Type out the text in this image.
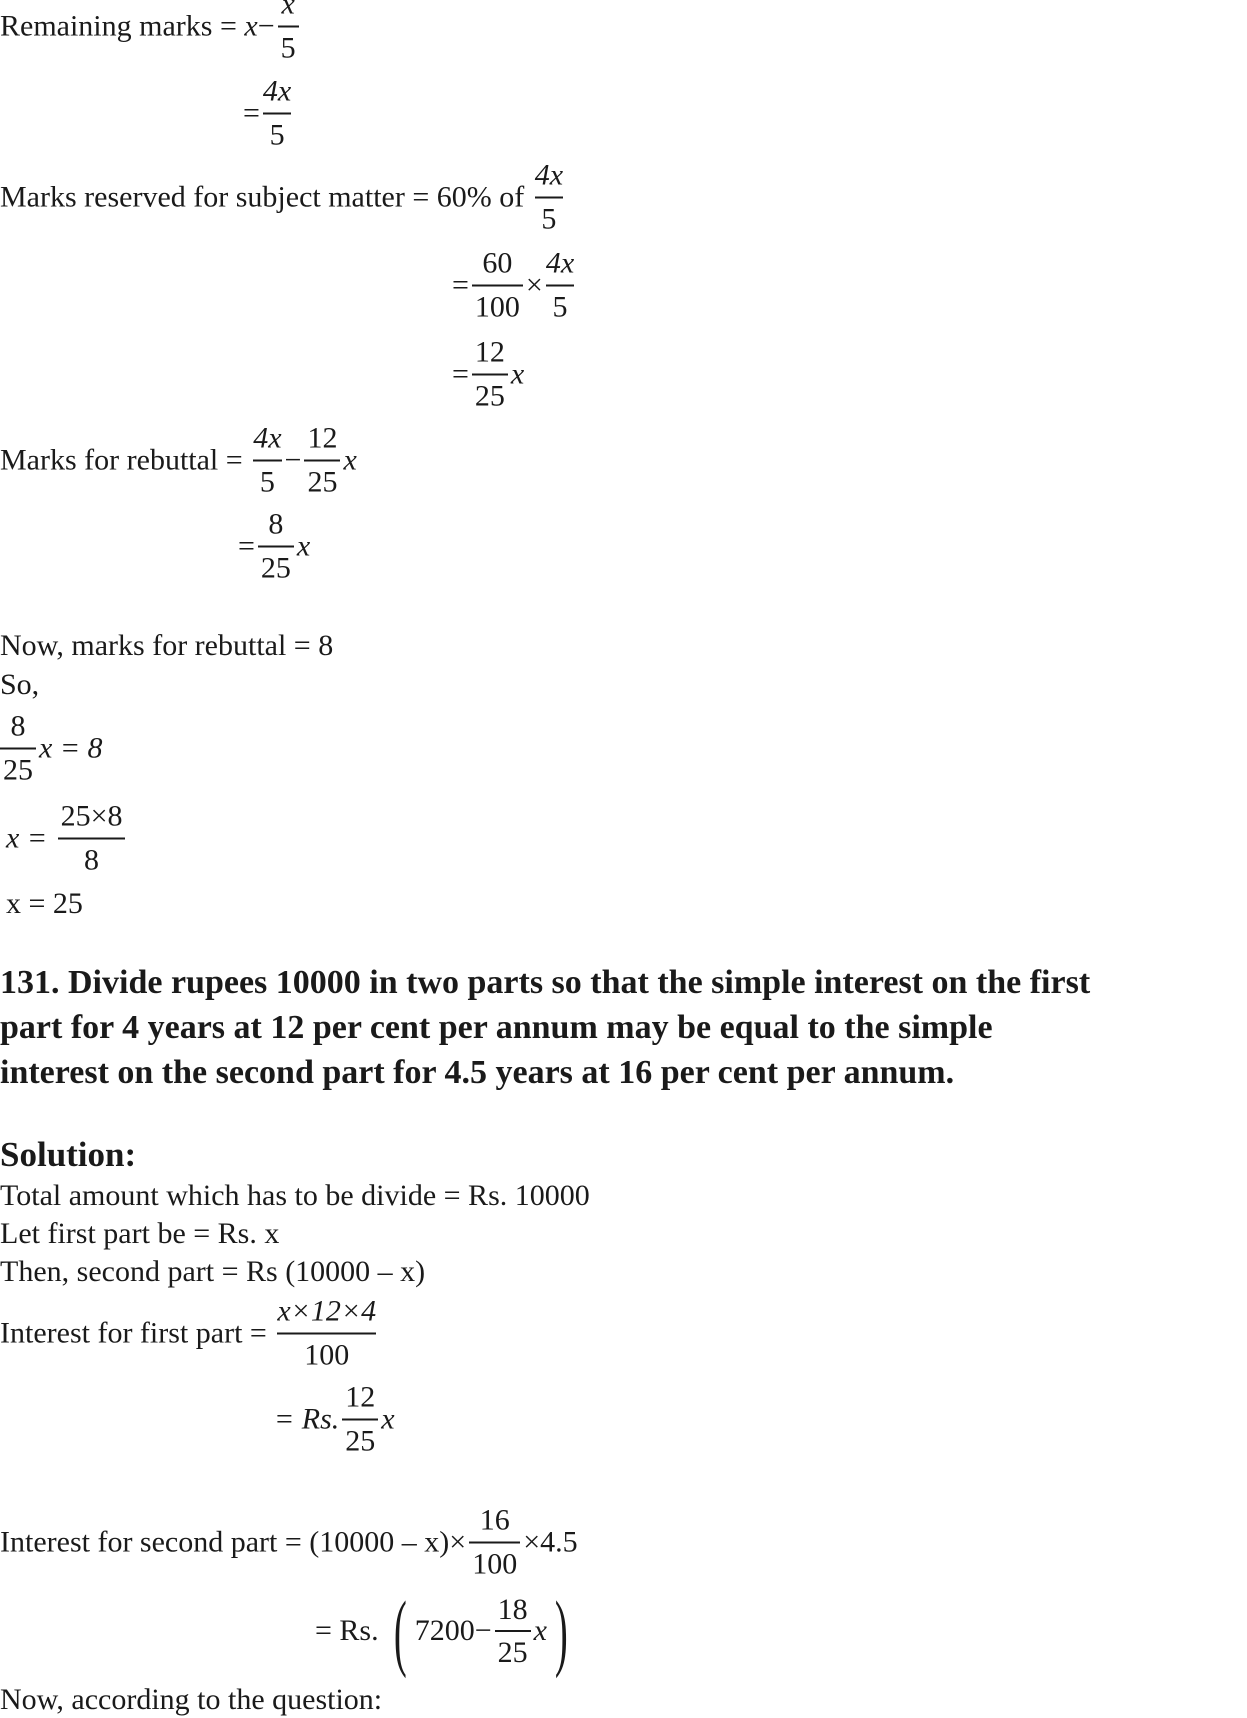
Remaining marks = x −
x
5
=
4x
5
Marks reserved for subject matter = 60% of
4x
5
=
60
100
×
4x
5
=
12
25
x
Marks for rebuttal =
4x
5
−
12
25
x
=
8
25
x
Now, marks for rebuttal = 8
So,
8
25
x = 8
x =
25×8
8
x = 25
131. Divide rupees 10000 in two parts so that the simple interest on the first
part for 4 years at 12 per cent per annum may be equal to the simple
interest on the second part for 4.5 years at 16 per cent per annum.
Solution:
Total amount which has to be divide = Rs. 10000
Let first part be = Rs. x
Then, second part = Rs (10000 – x)
Interest for first part =
x×12×4
100
= Rs.
12
25
x
Interest for second part = (10000 – x)×
16
100
×4.5
= Rs. ( 7200 −
18
25
x )
Now, according to the question:
